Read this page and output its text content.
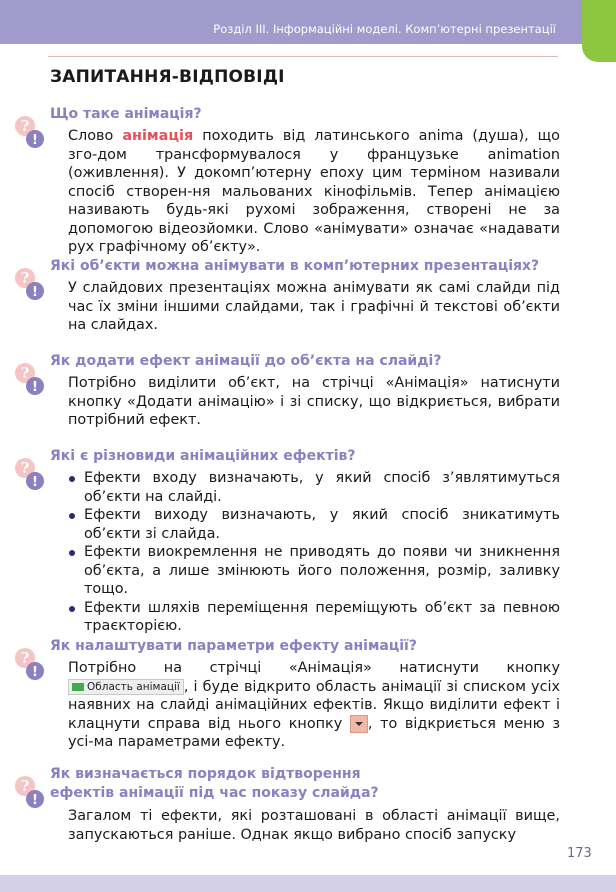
Розділ ІІІ. Інформаційні моделі. Комп’ютерні презентації
ЗАПИТАННЯ-ВІДПОВІДІ
Що таке анімація?
?
! Слово анімація походить від латинського anima (душа), що зго-дом трансформувалося у французьке animation (оживлення). У докомп’ютерну епоху цим терміном називали спосіб створен-ня мальованих кінофільмів. Тепер анімацією називають будь-які рухомі зображення, створені не за допомогою відеозйомки. Слово «анімувати» означає «надавати рух графічному об’єкту».

Які об’єкти можна анімувати в комп’ютерних презентаціях?
?
! У слайдових презентаціях можна анімувати як самі слайди під час їх зміни іншими слайдами, так і графічні й текстові об’єкти на слайдах.

Як додати ефект анімації до об’єкта на слайді?
?
! Потрібно виділити об’єкт, на стрічці «Анімація» натиснути кнопку «Додати анімацію» і зі списку, що відкриється, вибрати потрібний ефект.

Які є різновиди анімаційних ефектів?
?
!	Ефекти входу визначають, у який спосіб з’являтимуться об’єкти на слайді.
Ефекти виходу визначають, у який спосіб зникатимуть об’єкти зі слайда.
Ефекти виокремлення не приводять до появи чи зникнення об’єкта, а лише змінюють його положення, розмір, заливку тощо.
Ефекти шляхів переміщення переміщують об’єкт за певною траєкторією.
Як налаштувати параметри ефекту анімації?
?
! Потрібно на стрічці «Анімація» натиснути кнопку Область анімації , і буде відкрито область анімації зі списком усіх наявних на слайді анімаційних ефектів. Якщо виділити ефект і клацнути справа від нього кнопку , то відкриється меню з усі-ма параметрами ефекту.

Як визначається порядок відтворення
ефектів анімації під час показу слайда?
?
!

Загалом ті ефекти, які розташовані в області анімації вище, запускаються раніше. Однак якщо вибрано спосіб запуску

173
